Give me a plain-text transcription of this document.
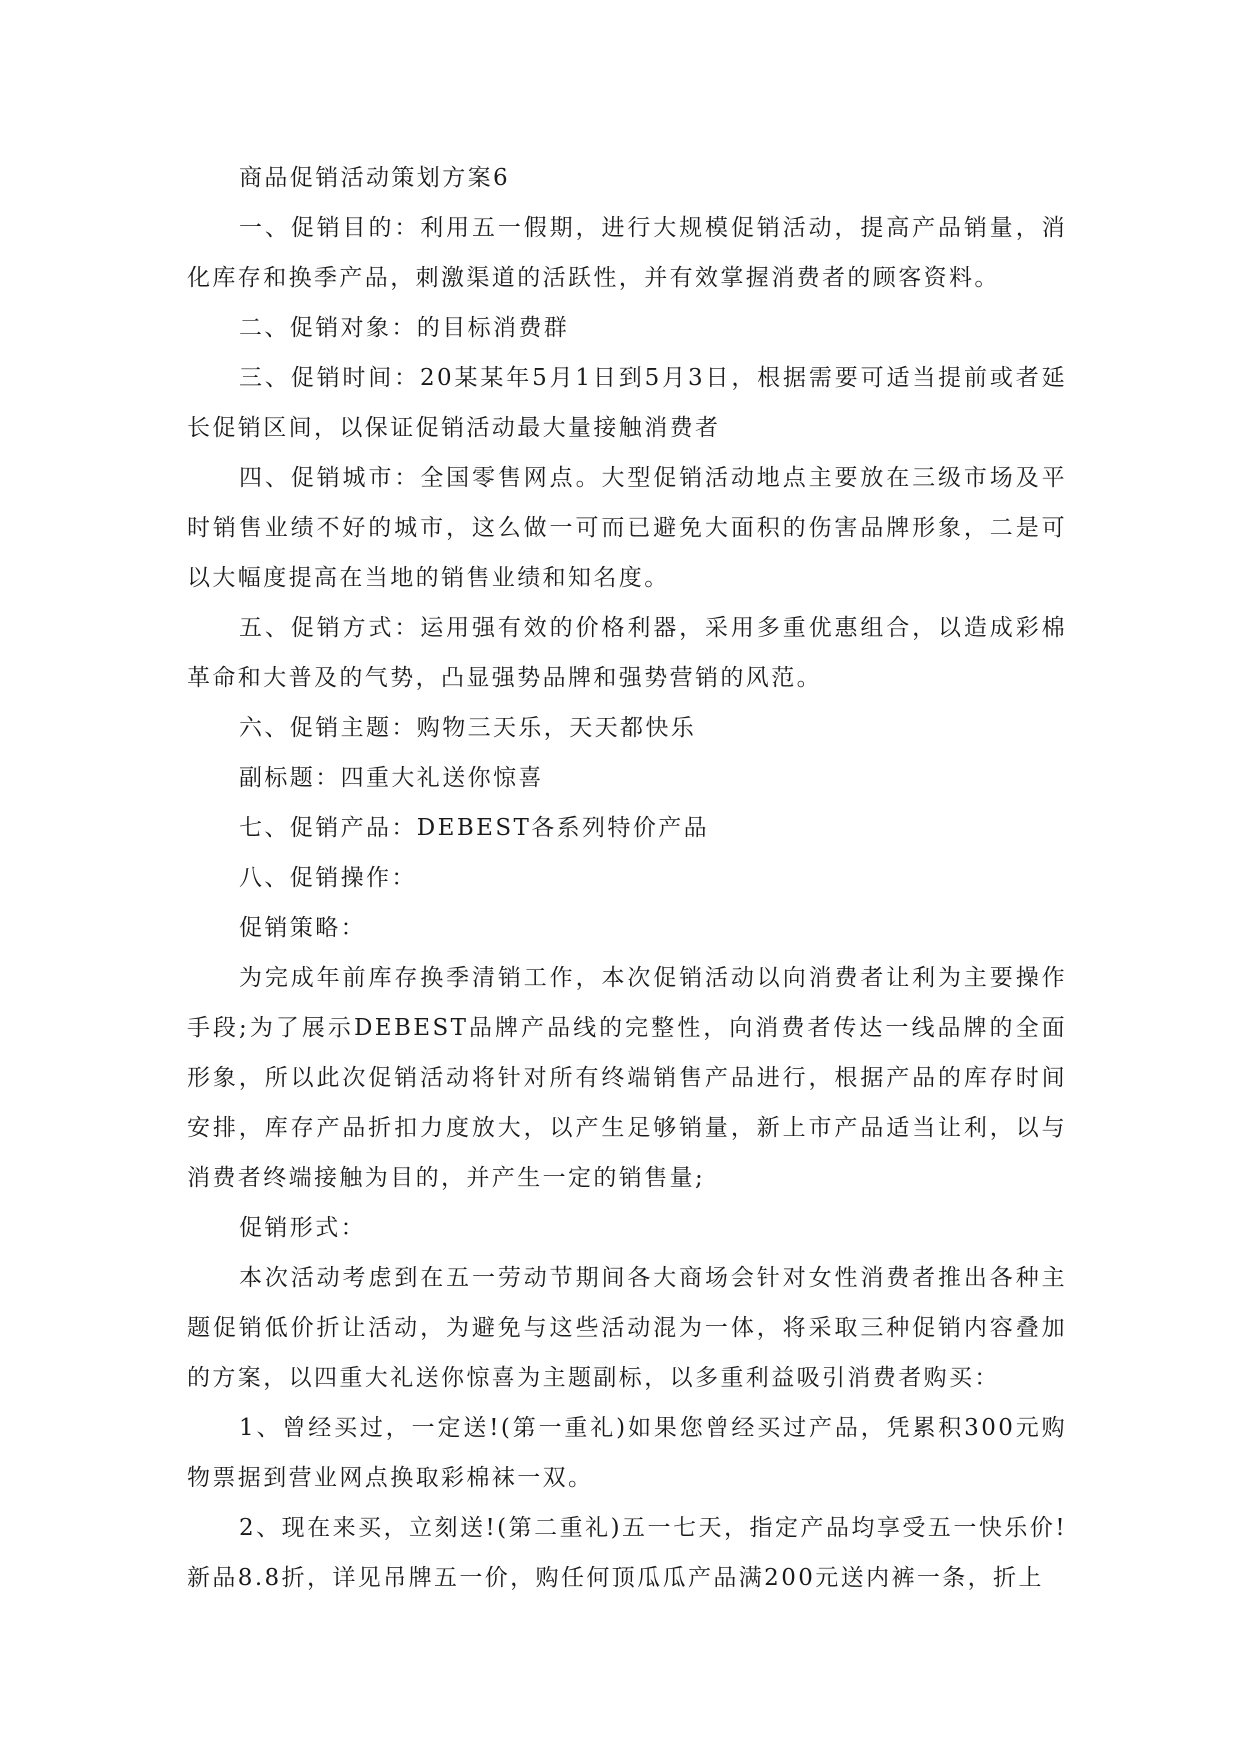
商品促销活动策划方案6

一、促销目的：利用五一假期，进行大规模促销活动，提高产品销量，消化库存和换季产品，刺激渠道的活跃性，并有效掌握消费者的顾客资料。

二、促销对象：的目标消费群

三、促销时间：20某某年5月1日到5月3日，根据需要可适当提前或者延长促销区间，以保证促销活动最大量接触消费者

四、促销城市：全国零售网点。大型促销活动地点主要放在三级市场及平时销售业绩不好的城市，这么做一可而已避免大面积的伤害品牌形象，二是可以大幅度提高在当地的销售业绩和知名度。

五、促销方式：运用强有效的价格利器，采用多重优惠组合，以造成彩棉革命和大普及的气势，凸显强势品牌和强势营销的风范。

六、促销主题：购物三天乐，天天都快乐

副标题：四重大礼送你惊喜

七、促销产品：DEBEST各系列特价产品

八、促销操作：

促销策略：

为完成年前库存换季清销工作，本次促销活动以向消费者让利为主要操作手段;为了展示DEBEST品牌产品线的完整性，向消费者传达一线品牌的全面形象，所以此次促销活动将针对所有终端销售产品进行，根据产品的库存时间安排，库存产品折扣力度放大，以产生足够销量，新上市产品适当让利，以与消费者终端接触为目的，并产生一定的销售量;

促销形式：

本次活动考虑到在五一劳动节期间各大商场会针对女性消费者推出各种主题促销低价折让活动，为避免与这些活动混为一体，将采取三种促销内容叠加的方案，以四重大礼送你惊喜为主题副标，以多重利益吸引消费者购买：

1、曾经买过，一定送!(第一重礼)如果您曾经买过产品，凭累积300元购物票据到营业网点换取彩棉袜一双。

2、现在来买，立刻送!(第二重礼)五一七天，指定产品均享受五一快乐价!新品8.8折，详见吊牌五一价，购任何顶瓜瓜产品满200元送内裤一条，折上
